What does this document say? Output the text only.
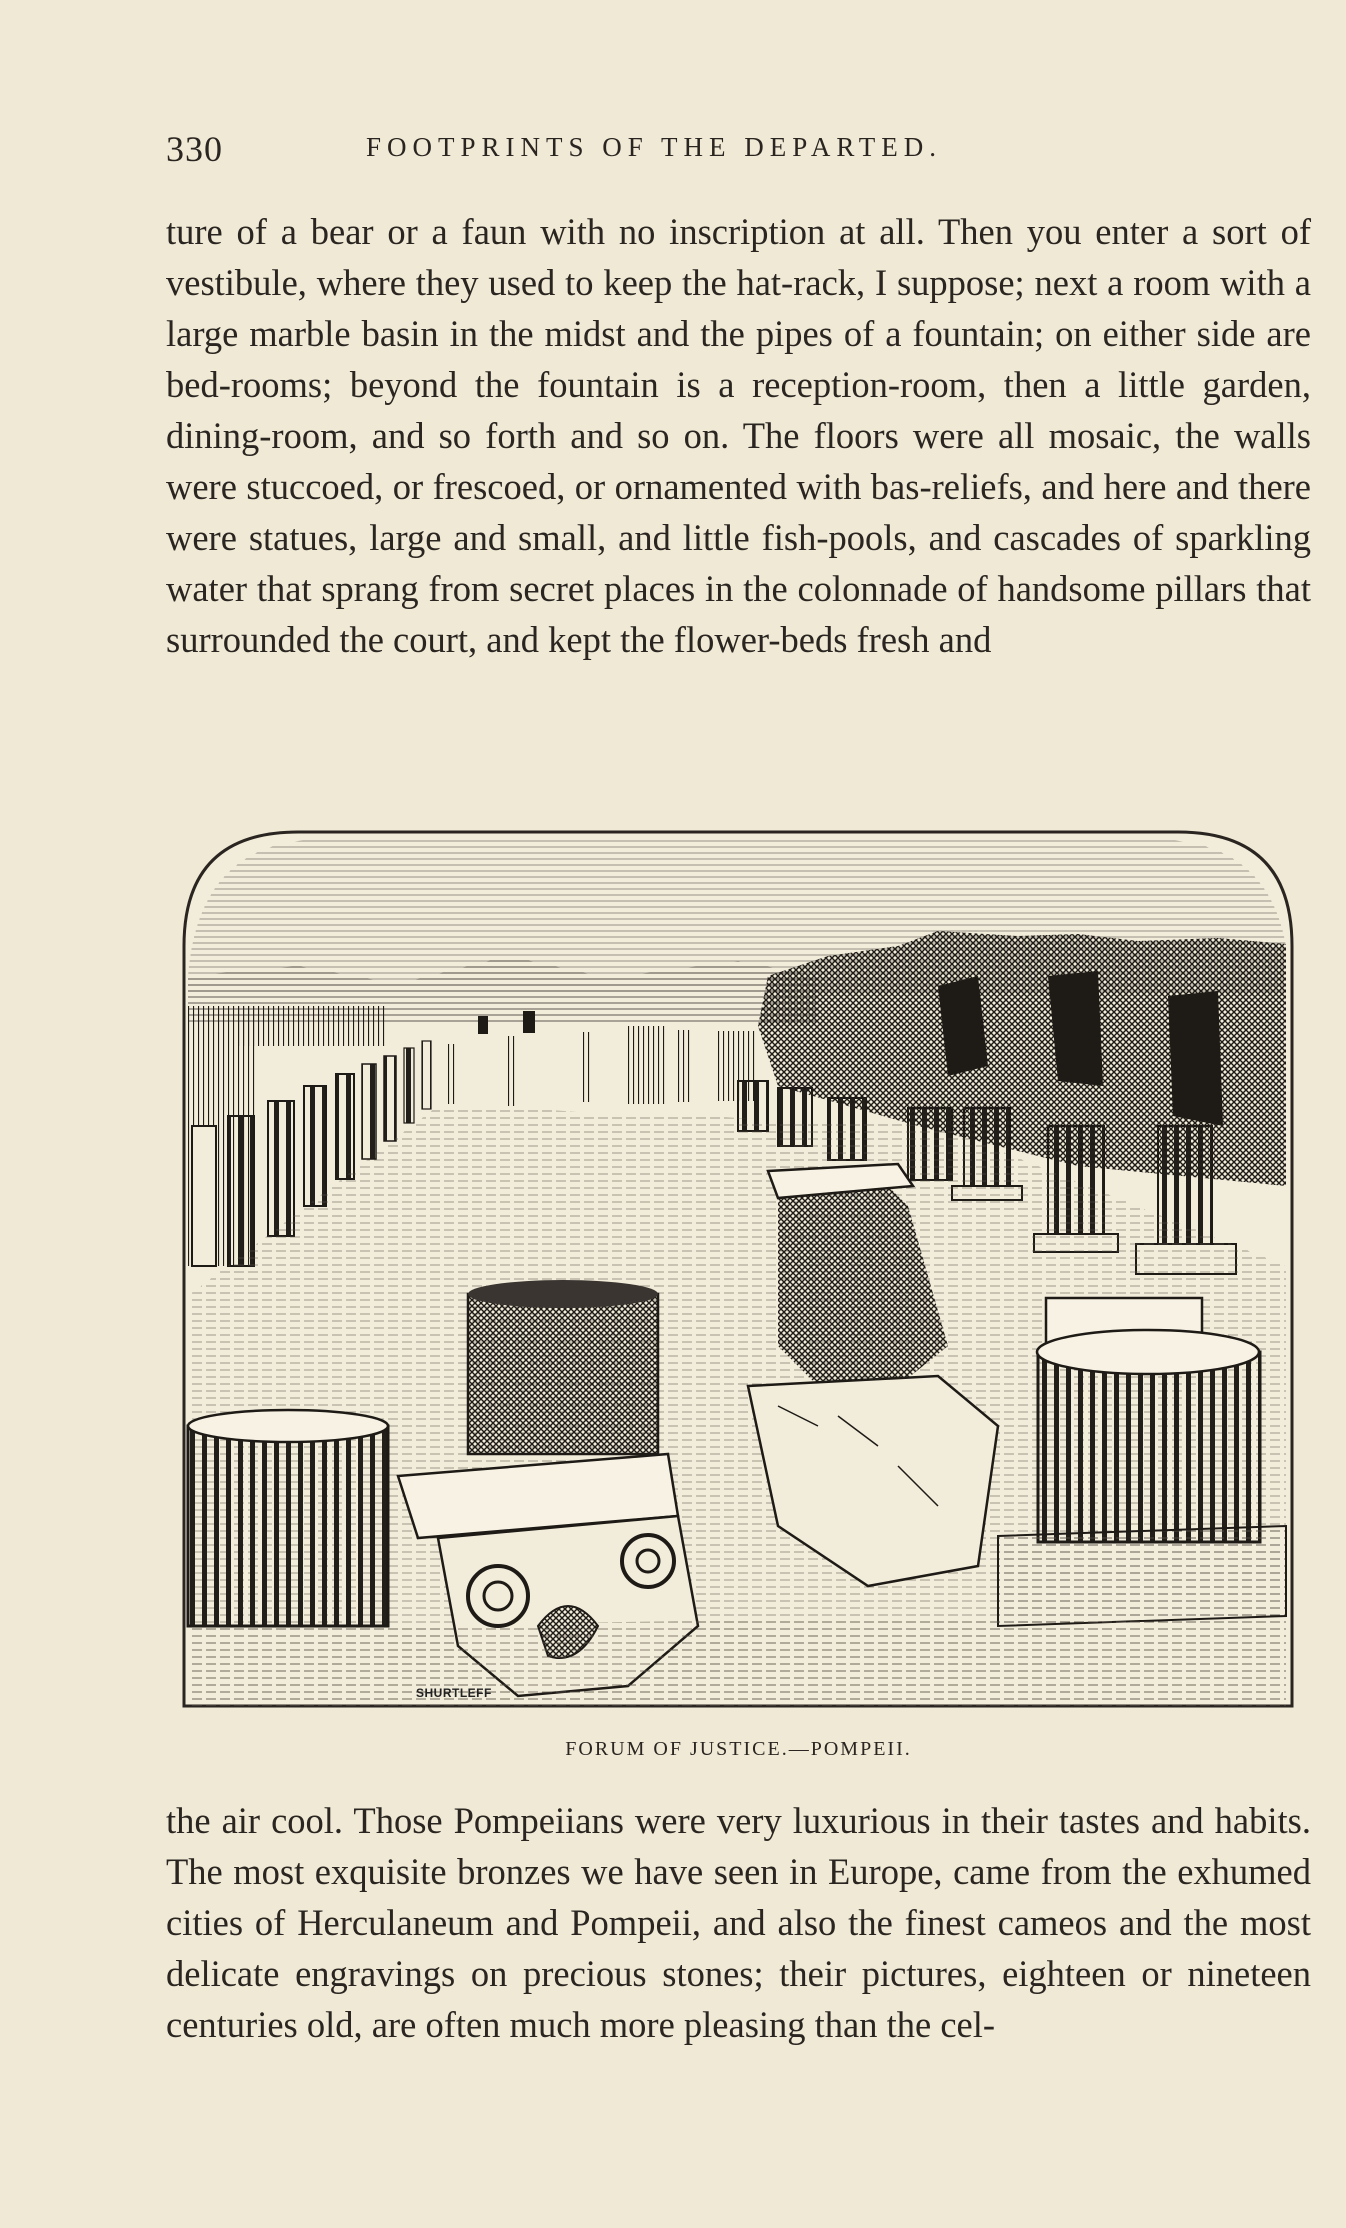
330	FOOTPRINTS OF THE DEPARTED.

ture of a bear or a faun with no inscription at all. Then you enter a sort of vestibule, where they used to keep the hat-rack, I suppose; next a room with a large marble basin in the midst and the pipes of a fountain; on either side are bed-rooms; beyond the fountain is a reception-room, then a little garden, dining-room, and so forth and so on. The floors were all mosaic, the walls were stuccoed, or frescoed, or ornamented with bas-reliefs, and here and there were statues, large and small, and little fish-pools, and cascades of sparkling water that sprang from secret places in the colonnade of handsome pillars that surrounded the court, and kept the flower-beds fresh and

SHURTLEFF
FORUM OF JUSTICE.—POMPEII.

the air cool. Those Pompeiians were very luxurious in their tastes and habits. The most exquisite bronzes we have seen in Europe, came from the exhumed cities of Herculaneum and Pompeii, and also the finest cameos and the most delicate engravings on precious stones; their pictures, eighteen or nineteen centuries old, are often much more pleasing than the cel-
